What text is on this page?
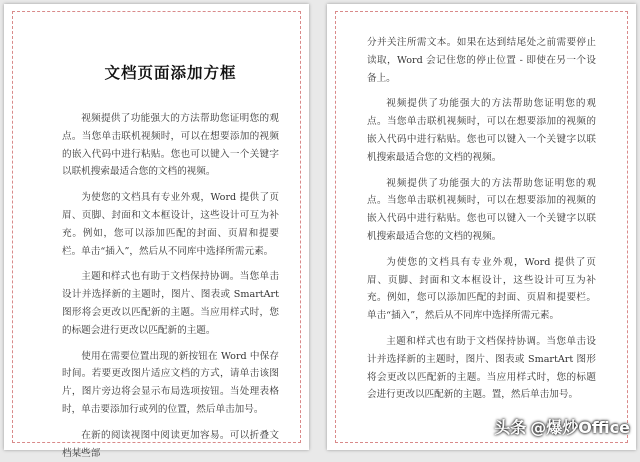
文档页面添加方框

视频提供了功能强大的方法帮助您证明您的观点。当您单击联机视频时，可以在想要添加的视频的嵌入代码中进行粘贴。您也可以键入一个关键字以联机搜索最适合您的文档的视频。

为使您的文档具有专业外观，Word 提供了页眉、页脚、封面和文本框设计，这些设计可互为补充。例如，您可以添加匹配的封面、页眉和提要栏。单击“插入”，然后从不同库中选择所需元素。

主题和样式也有助于文档保持协调。当您单击设计并选择新的主题时，图片、图表或 SmartArt 图形将会更改以匹配新的主题。当应用样式时，您的标题会进行更改以匹配新的主题。

使用在需要位置出现的新按钮在 Word 中保存时间。若要更改图片适应文档的方式，请单击该图片，图片旁边将会显示布局选项按钮。当处理表格时，单击要添加行或列的位置，然后单击加号。

在新的阅读视图中阅读更加容易。可以折叠文档某些部

分并关注所需文本。如果在达到结尾处之前需要停止读取，Word 会记住您的停止位置 - 即使在另一个设备上。

视频提供了功能强大的方法帮助您证明您的观点。当您单击联机视频时，可以在想要添加的视频的嵌入代码中进行粘贴。您也可以键入一个关键字以联机搜索最适合您的文档的视频。

视频提供了功能强大的方法帮助您证明您的观点。当您单击联机视频时，可以在想要添加的视频的嵌入代码中进行粘贴。您也可以键入一个关键字以联机搜索最适合您的文档的视频。

为使您的文档具有专业外观，Word 提供了页眉、页脚、封面和文本框设计，这些设计可互为补充。例如，您可以添加匹配的封面、页眉和提要栏。单击“插入”，然后从不同库中选择所需元素。

主题和样式也有助于文档保持协调。当您单击设计并选择新的主题时，图片、图表或 SmartArt 图形将会更改以匹配新的主题。当应用样式时，您的标题会进行更改以匹配新的主题。置，然后单击加号。

头条 @爆炒Office
